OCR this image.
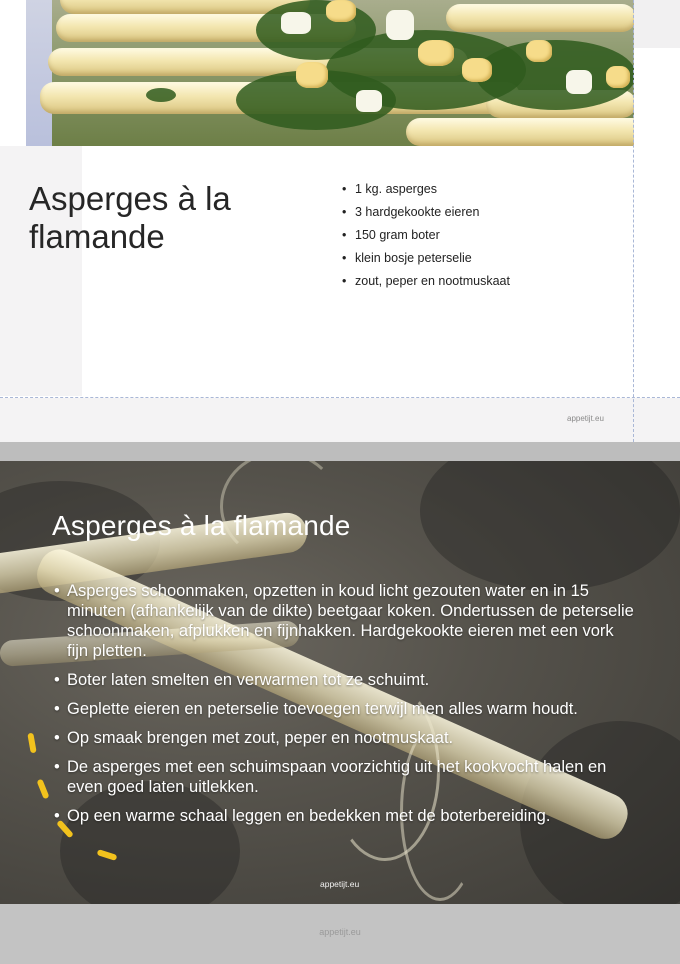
Asperges à la flamande
• 1 kg. asperges
• 3 hardgekookte eieren
• 150 gram boter
• klein bosje peterselie
• zout, peper en nootmuskaat
appetijt.eu
Asperges à la flamande
• Asperges schoonmaken, opzetten in koud licht gezouten water en in 15 minuten (afhankelijk van de dikte) beetgaar koken. Ondertussen de peterselie schoonmaken, afplukken en fijnhakken. Hardgekookte eieren met een vork fijn pletten.
• Boter laten smelten en verwarmen tot ze schuimt.
• Geplette eieren en peterselie toevoegen terwijl men alles warm houdt.
• Op smaak brengen met zout, peper en nootmuskaat.
• De asperges met een schuimspaan voorzichtig uit het kookvocht halen en even goed laten uitlekken.
• Op een warme schaal leggen en bedekken met de boterbereiding.
appetijt.eu
appetijt.eu
